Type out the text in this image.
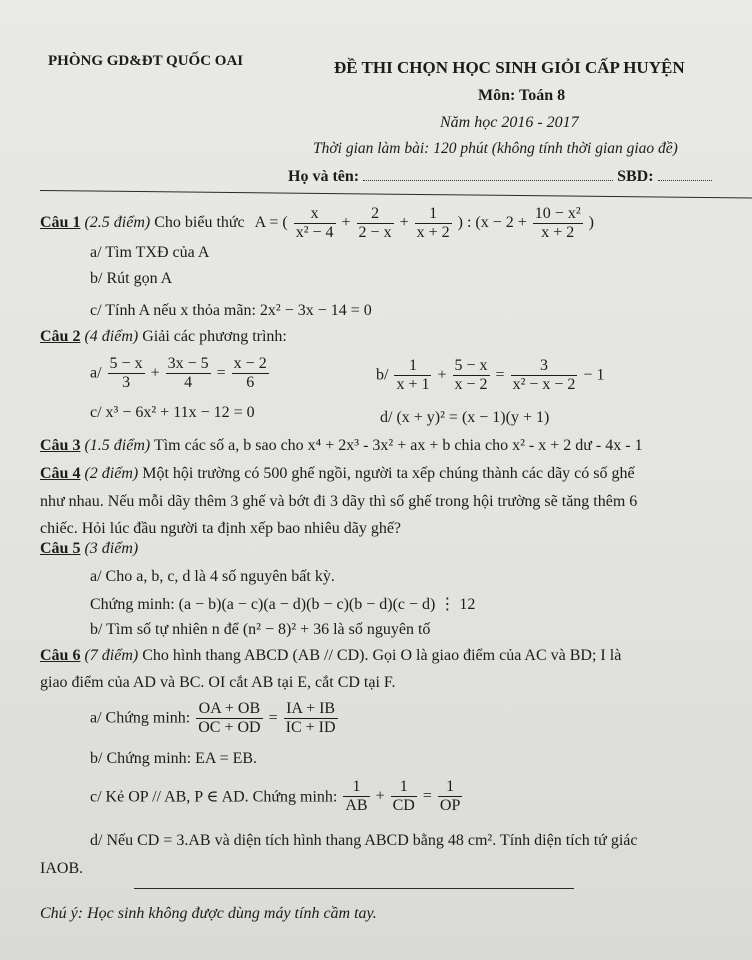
PHÒNG GD&ĐT QUỐC OAI	ĐỀ THI CHỌN HỌC SINH GIỎI CẤP HUYỆN
Môn: Toán 8
Năm học 2016 - 2017
Thời gian làm bài: 120 phút (không tính thời gian giao đề)
Họ và tên:	SBD:
Câu 1 (2.5 điểm) Cho biểu thức A = ( $\frac{x}{\text{x² − 4}} + \frac{2}{2 - x} + \frac{1}{x + 2}$ ) : ($x - 2 + \frac{\text{10 − x²}}{x + 2}$ )
a/ Tìm TXĐ của A
b/ Rút gọn A
c/ Tính A nếu x thỏa mãn: 2x² − 3x − 14 = 0
Câu 2 (4 điểm) Giải các phương trình:
$a/ \frac{5 - x}{3} + \frac{3x - 5}{4} = \frac{x - 2}{6}$	$b/ \frac{1}{x + 1} + \frac{5 - x}{x - 2} = \frac{3}{\text{x² − x − 2}} - 1$
c/ x³ − 6x² + 11x − 12 = 0	d/ (x + y)² = (x − 1)(y + 1)
Câu 3 (1.5 điểm) Tìm các số a, b sao cho x⁴ + 2x³ - 3x² + ax + b chia cho x² - x + 2 dư - 4x - 1
Câu 4 (2 điểm) Một hội trường có 500 ghế ngồi, người ta xếp chúng thành các dãy có số ghế
như nhau. Nếu mỗi dãy thêm 3 ghế và bớt đi 3 dãy thì số ghế trong hội trường sẽ tăng thêm 6
chiếc. Hỏi lúc đầu người ta định xếp bao nhiêu dãy ghế?
Câu 5 (3 điểm)
a/ Cho a, b, c, d là 4 số nguyên bất kỳ.
Chứng minh: (a − b)(a − c)(a − d)(b − c)(b − d)(c − d) ⋮ 12
b/ Tìm số tự nhiên n để (n² − 8)² + 36 là số nguyên tố
Câu 6 (7 điểm) Cho hình thang ABCD (AB // CD). Gọi O là giao điểm của AC và BD; I là
giao điểm của AD và BC. OI cắt AB tại E, cắt CD tại F.
a/ Chứng minh: $\frac{OA + OB}{OC + OD} = \frac{IA + IB}{IC + ID}$
b/ Chứng minh: EA = EB.
c/ Kẻ OP // AB, P ∈ AD. Chứng minh: $\frac{1}{AB} + \frac{1}{CD} = \frac{1}{OP}$
d/ Nếu CD = 3.AB và diện tích hình thang ABCD bằng 48 cm². Tính diện tích tứ giác
IAOB.
Chú ý: Học sinh không được dùng máy tính cầm tay.
